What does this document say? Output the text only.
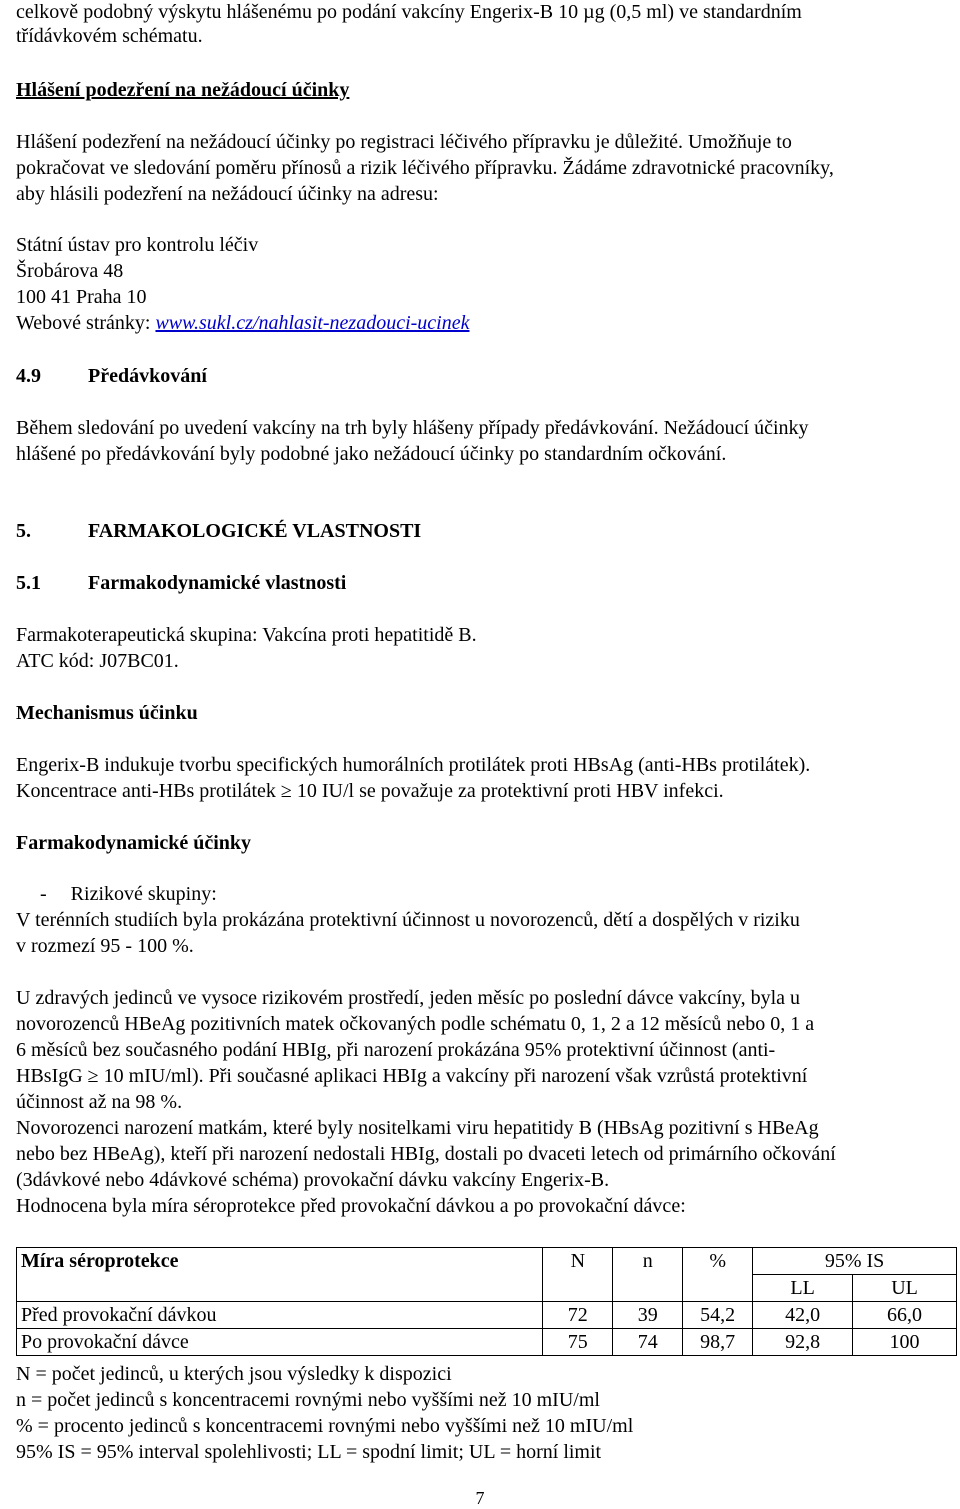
celkově podobný výskytu hlášenému po podání vakcíny Engerix-B 10 µg (0,5 ml) ve standardním
třídávkovém schématu.
Hlášení podezření na nežádoucí účinky
Hlášení podezření na nežádoucí účinky po registraci léčivého přípravku je důležité. Umožňuje to
pokračovat ve sledování poměru přínosů a rizik léčivého přípravku. Žádáme zdravotnické pracovníky,
aby hlásili podezření na nežádoucí účinky na adresu:
Státní ústav pro kontrolu léčiv
Šrobárova 48
100 41 Praha 10
Webové stránky: www.sukl.cz/nahlasit-nezadouci-ucinek
4.9 Předávkování
Během sledování po uvedení vakcíny na trh byly hlášeny případy předávkování. Nežádoucí účinky
hlášené po předávkování byly podobné jako nežádoucí účinky po standardním očkování.
5.	FARMAKOLOGICKÉ VLASTNOSTI
5.1 Farmakodynamické vlastnosti
Farmakoterapeutická skupina: Vakcína proti hepatitidě B.
ATC kód: J07BC01.
Mechanismus účinku
Engerix-B indukuje tvorbu specifických humorálních protilátek proti HBsAg (anti-HBs protilátek).
Koncentrace anti-HBs protilátek ≥ 10 IU/l se považuje za protektivní proti HBV infekci.
Farmakodynamické účinky
- Rizikové skupiny:
V terénních studiích byla prokázána protektivní účinnost u novorozenců, dětí a dospělých v riziku
v rozmezí 95 - 100 %.
U zdravých jedinců ve vysoce rizikovém prostředí, jeden měsíc po poslední dávce vakcíny, byla u
novorozenců HBeAg pozitivních matek očkovaných podle schématu 0, 1, 2 a 12 měsíců nebo 0, 1 a
6 měsíců bez současného podání HBIg, při narození prokázána 95% protektivní účinnost (anti-
HBsIgG ≥ 10 mIU/ml). Při současné aplikaci HBIg a vakcíny při narození však vzrůstá protektivní
účinnost až na 98 %.
Novorozenci narození matkám, které byly nositelkami viru hepatitidy B (HBsAg pozitivní s HBeAg
nebo bez HBeAg), kteří při narození nedostali HBIg, dostali po dvaceti letech od primárního očkování
(3dávkové nebo 4dávkové schéma) provokační dávku vakcíny Engerix-B.
Hodnocena byla míra séroprotekce před provokační dávkou a po provokační dávce:
Míra séroprotekce	N	n	%	95% IS	
				LL	UL
Před provokační dávkou	72	39	54,2	42,0	66,0
Po provokační dávce	75	74	98,7	92,8	100
N = počet jedinců, u kterých jsou výsledky k dispozici
n = počet jedinců s koncentracemi rovnými nebo vyššími než 10 mIU/ml
% = procento jedinců s koncentracemi rovnými nebo vyššími než 10 mIU/ml
95% IS = 95% interval spolehlivosti; LL = spodní limit; UL = horní limit
7
